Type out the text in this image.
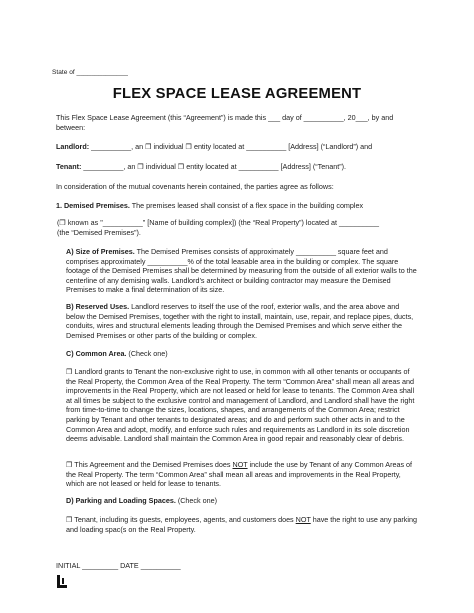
State of ______________
FLEX SPACE LEASE AGREEMENT
This Flex Space Lease Agreement (this “Agreement”) is made this ___ day of __________, 20___, by and between:
Landlord: __________, an ❒ individual ❒ entity located at __________ [Address] (“Landlord”) and
Tenant: __________, an ❒ individual ❒ entity located at __________ [Address] (“Tenant”).
In consideration of the mutual covenants herein contained, the parties agree as follows:
1. Demised Premises. The premises leased shall consist of a flex space in the building complex
(❒ known as "__________" [Name of building complex]) (the “Real Property”) located at __________
(the “Demised Premises”).
A) Size of Premises. The Demised Premises consists of approximately __________ square feet and comprises approximately __________% of the total leasable area in the building or complex. The square footage of the Demised Premises shall be determined by measuring from the outside of all exterior walls to the centerline of any demising walls. Landlord’s architect or building contractor may measure the Demised Premises to make a final determination of its size.
B) Reserved Uses. Landlord reserves to itself the use of the roof, exterior walls, and the area above and below the Demised Premises, together with the right to install, maintain, use, repair, and replace pipes, ducts, conduits, wires and structural elements leading through the Demised Premises and which serve either the Demised Premises or other parts of the building or complex.
C) Common Area. (Check one)
❒ Landlord grants to Tenant the non-exclusive right to use, in common with all other tenants or occupants of the Real Property, the Common Area of the Real Property. The term “Common Area” shall mean all areas and improvements in the Real Property, which are not leased or held for lease to tenants. The Common Area shall at all times be subject to the exclusive control and management of Landlord, and Landlord shall have the right from time-to-time to change the sizes, locations, shapes, and arrangements of the Common Area; restrict parking by Tenant and other tenants to designated areas; and do and perform such other acts in and to the Common Area and adopt, modify, and enforce such rules and requirements as Landlord in its sole discretion deems advisable. Landlord shall maintain the Common Area in good repair and reasonably clear of debris.
❒ This Agreement and the Demised Premises does NOT include the use by Tenant of any Common Areas of the Real Property. The term “Common Area” shall mean all areas and improvements in the Real Property, which are not leased or held for lease to tenants.
D) Parking and Loading Spaces. (Check one)
❒ Tenant, including its guests, employees, agents, and customers does NOT have the right to use any parking and loading spac(s on the Real Property.
INITIAL _________ DATE __________
